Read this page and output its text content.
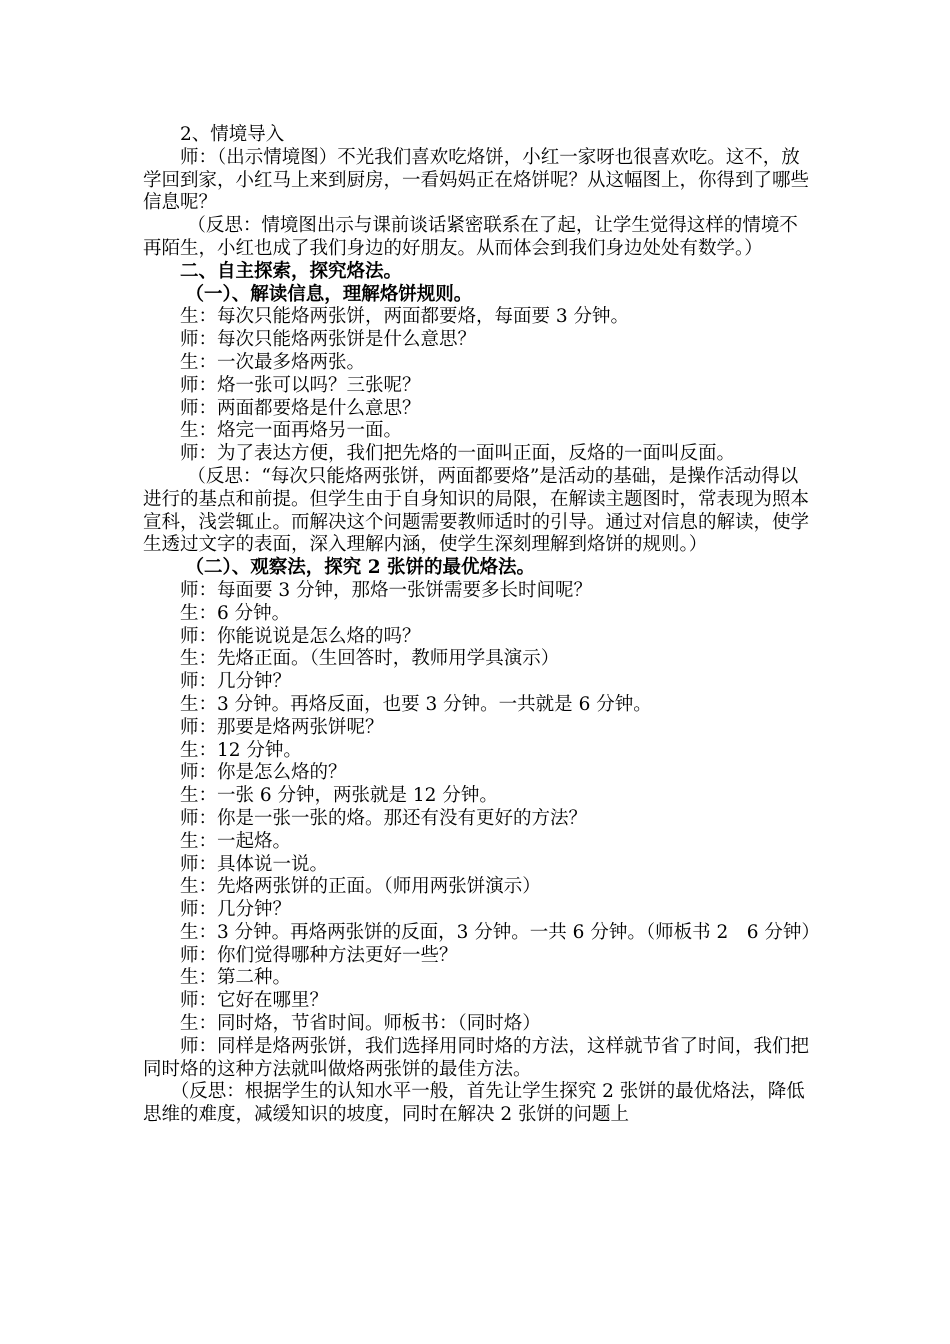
2、情境导入

师：（出示情境图）不光我们喜欢吃烙饼，小红一家呀也很喜欢吃。这不，放学回到家，小红马上来到厨房，一看妈妈正在烙饼呢？从这幅图上，你得到了哪些信息呢？

（反思：情境图出示与课前谈话紧密联系在了起，让学生觉得这样的情境不再陌生，小红也成了我们身边的好朋友。从而体会到我们身边处处有数学。）

二、自主探索，探究烙法。

（一）、解读信息，理解烙饼规则。

生：每次只能烙两张饼，两面都要烙，每面要 3 分钟。

师：每次只能烙两张饼是什么意思？

生：一次最多烙两张。

师：烙一张可以吗？三张呢？

师：两面都要烙是什么意思？

生：烙完一面再烙另一面。

师：为了表达方便，我们把先烙的一面叫正面，反烙的一面叫反面。

（反思：“每次只能烙两张饼，两面都要烙”是活动的基础，是操作活动得以进行的基点和前提。但学生由于自身知识的局限，在解读主题图时，常表现为照本宣科，浅尝辄止。而解决这个问题需要教师适时的引导。通过对信息的解读，使学生透过文字的表面，深入理解内涵，使学生深刻理解到烙饼的规则。）

（二）、观察法，探究 2 张饼的最优烙法。

师：每面要 3 分钟，那烙一张饼需要多长时间呢？

生：6 分钟。

师：你能说说是怎么烙的吗？

生：先烙正面。（生回答时，教师用学具演示）

师：几分钟？

生：3 分钟。再烙反面，也要 3 分钟。一共就是 6 分钟。

师：那要是烙两张饼呢？

生：12 分钟。

师：你是怎么烙的？

生：一张 6 分钟，两张就是 12 分钟。

师：你是一张一张的烙。那还有没有更好的方法？

生：一起烙。

师：具体说一说。

生：先烙两张饼的正面。（师用两张饼演示）

师：几分钟？

生：3 分钟。再烙两张饼的反面，3 分钟。一共 6 分钟。（师板书 2　6 分钟）

师：你们觉得哪种方法更好一些？

生：第二种。

师：它好在哪里？

生：同时烙，节省时间。师板书：（同时烙）

师：同样是烙两张饼，我们选择用同时烙的方法，这样就节省了时间，我们把同时烙的这种方法就叫做烙两张饼的最佳方法。

（反思：根据学生的认知水平一般，首先让学生探究 2 张饼的最优烙法，降低思维的难度，减缓知识的坡度，同时在解决 2 张饼的问题上
